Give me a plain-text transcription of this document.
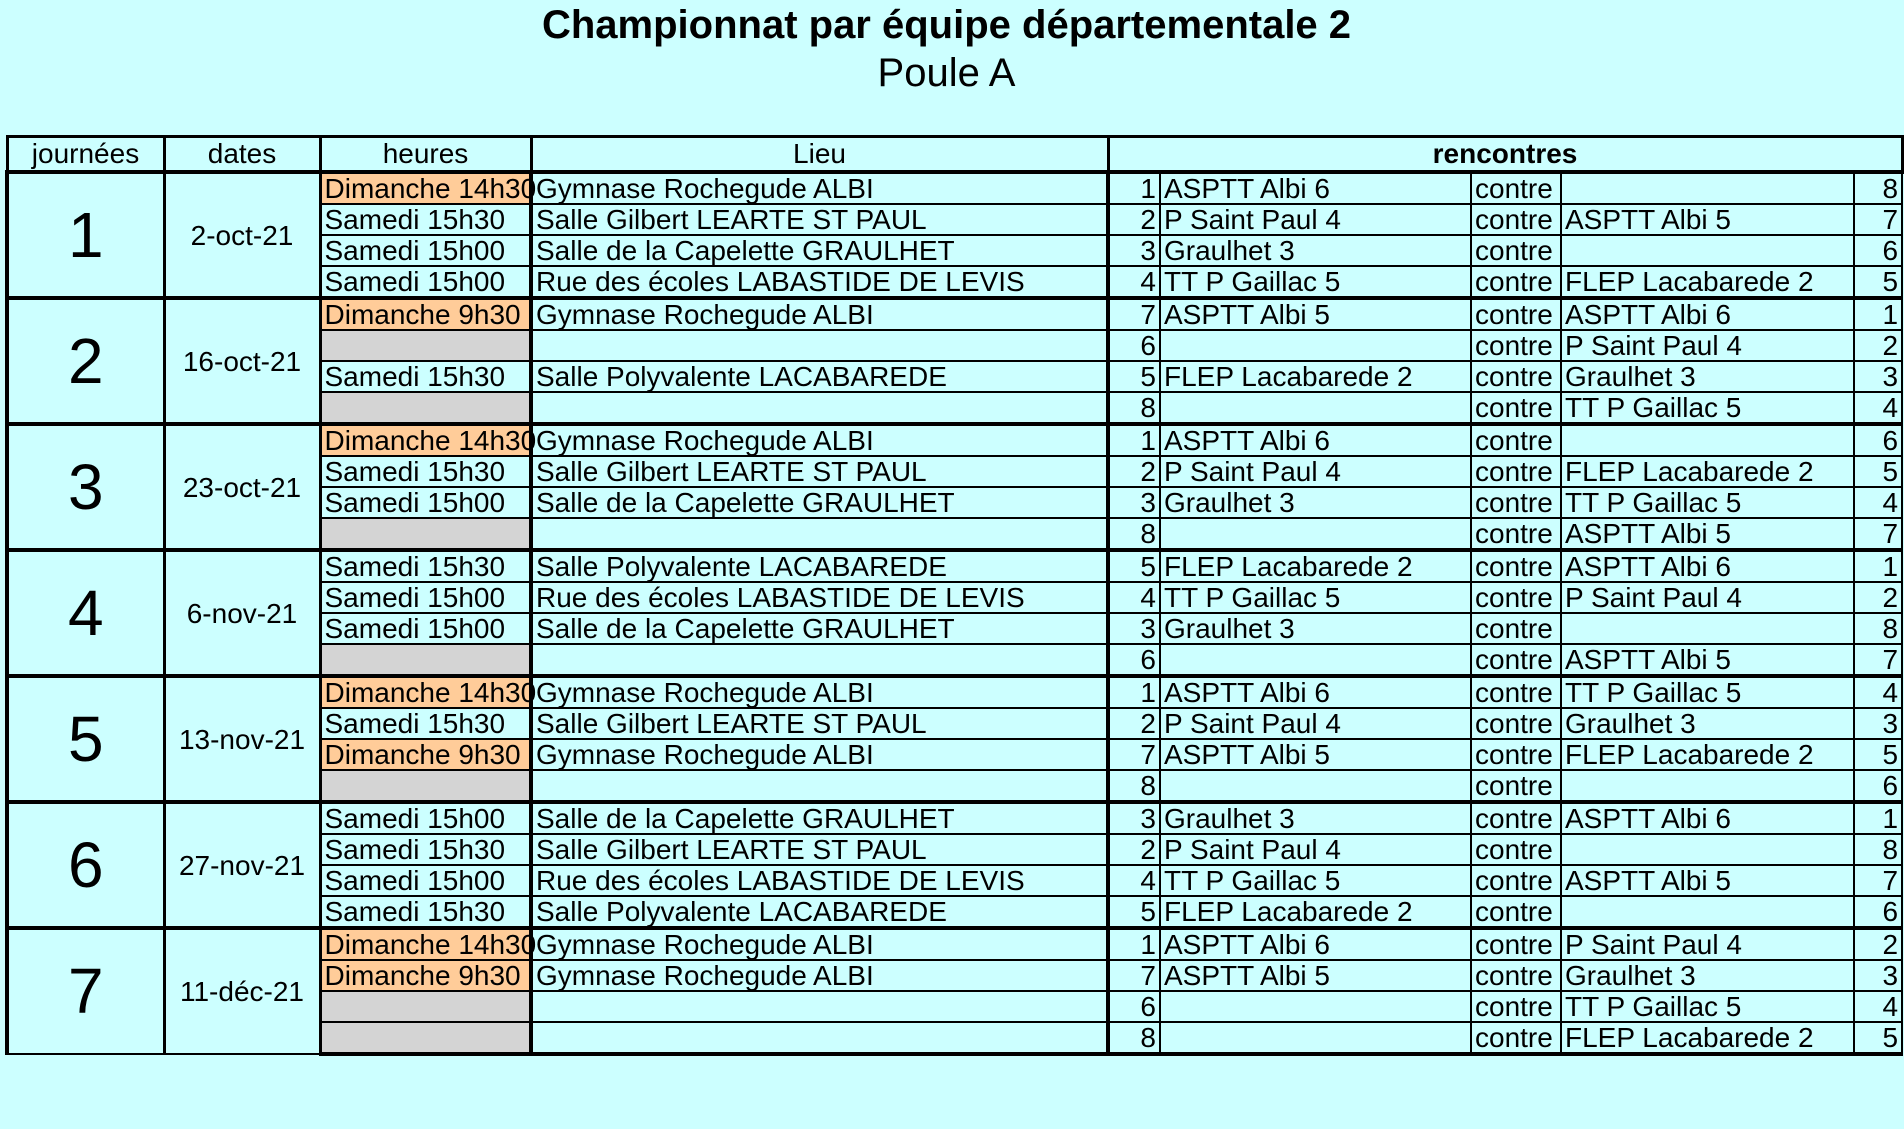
Championnat par équipe départementale 2
Poule A
journées	dates	heures	Lieu	rencontres				
1	2-oct-21	Dimanche 14h30	Gymnase Rochegude ALBI	1	ASPTT Albi 6	contre		8
		Samedi 15h30	Salle Gilbert LEARTE ST PAUL	2	P Saint Paul 4	contre	ASPTT Albi 5	7
		Samedi 15h00	Salle de la Capelette GRAULHET	3	Graulhet 3	contre		6
		Samedi 15h00	Rue des écoles LABASTIDE DE LEVIS	4	TT P Gaillac 5	contre	FLEP Lacabarede 2	5
2	16-oct-21	Dimanche 9h30	Gymnase Rochegude ALBI	7	ASPTT Albi 5	contre	ASPTT Albi 6	1
				6		contre	P Saint Paul 4	2
		Samedi 15h30	Salle Polyvalente LACABAREDE	5	FLEP Lacabarede 2	contre	Graulhet 3	3
				8		contre	TT P Gaillac 5	4
3	23-oct-21	Dimanche 14h30	Gymnase Rochegude ALBI	1	ASPTT Albi 6	contre		6
		Samedi 15h30	Salle Gilbert LEARTE ST PAUL	2	P Saint Paul 4	contre	FLEP Lacabarede 2	5
		Samedi 15h00	Salle de la Capelette GRAULHET	3	Graulhet 3	contre	TT P Gaillac 5	4
				8		contre	ASPTT Albi 5	7
4	6-nov-21	Samedi 15h30	Salle Polyvalente LACABAREDE	5	FLEP Lacabarede 2	contre	ASPTT Albi 6	1
		Samedi 15h00	Rue des écoles LABASTIDE DE LEVIS	4	TT P Gaillac 5	contre	P Saint Paul 4	2
		Samedi 15h00	Salle de la Capelette GRAULHET	3	Graulhet 3	contre		8
				6		contre	ASPTT Albi 5	7
5	13-nov-21	Dimanche 14h30	Gymnase Rochegude ALBI	1	ASPTT Albi 6	contre	TT P Gaillac 5	4
		Samedi 15h30	Salle Gilbert LEARTE ST PAUL	2	P Saint Paul 4	contre	Graulhet 3	3
		Dimanche 9h30	Gymnase Rochegude ALBI	7	ASPTT Albi 5	contre	FLEP Lacabarede 2	5
				8		contre		6
6	27-nov-21	Samedi 15h00	Salle de la Capelette GRAULHET	3	Graulhet 3	contre	ASPTT Albi 6	1
		Samedi 15h30	Salle Gilbert LEARTE ST PAUL	2	P Saint Paul 4	contre		8
		Samedi 15h00	Rue des écoles LABASTIDE DE LEVIS	4	TT P Gaillac 5	contre	ASPTT Albi 5	7
		Samedi 15h30	Salle Polyvalente LACABAREDE	5	FLEP Lacabarede 2	contre		6
7	11-déc-21	Dimanche 14h30	Gymnase Rochegude ALBI	1	ASPTT Albi 6	contre	P Saint Paul 4	2
		Dimanche 9h30	Gymnase Rochegude ALBI	7	ASPTT Albi 5	contre	Graulhet 3	3
				6		contre	TT P Gaillac 5	4
				8		contre	FLEP Lacabarede 2	5
